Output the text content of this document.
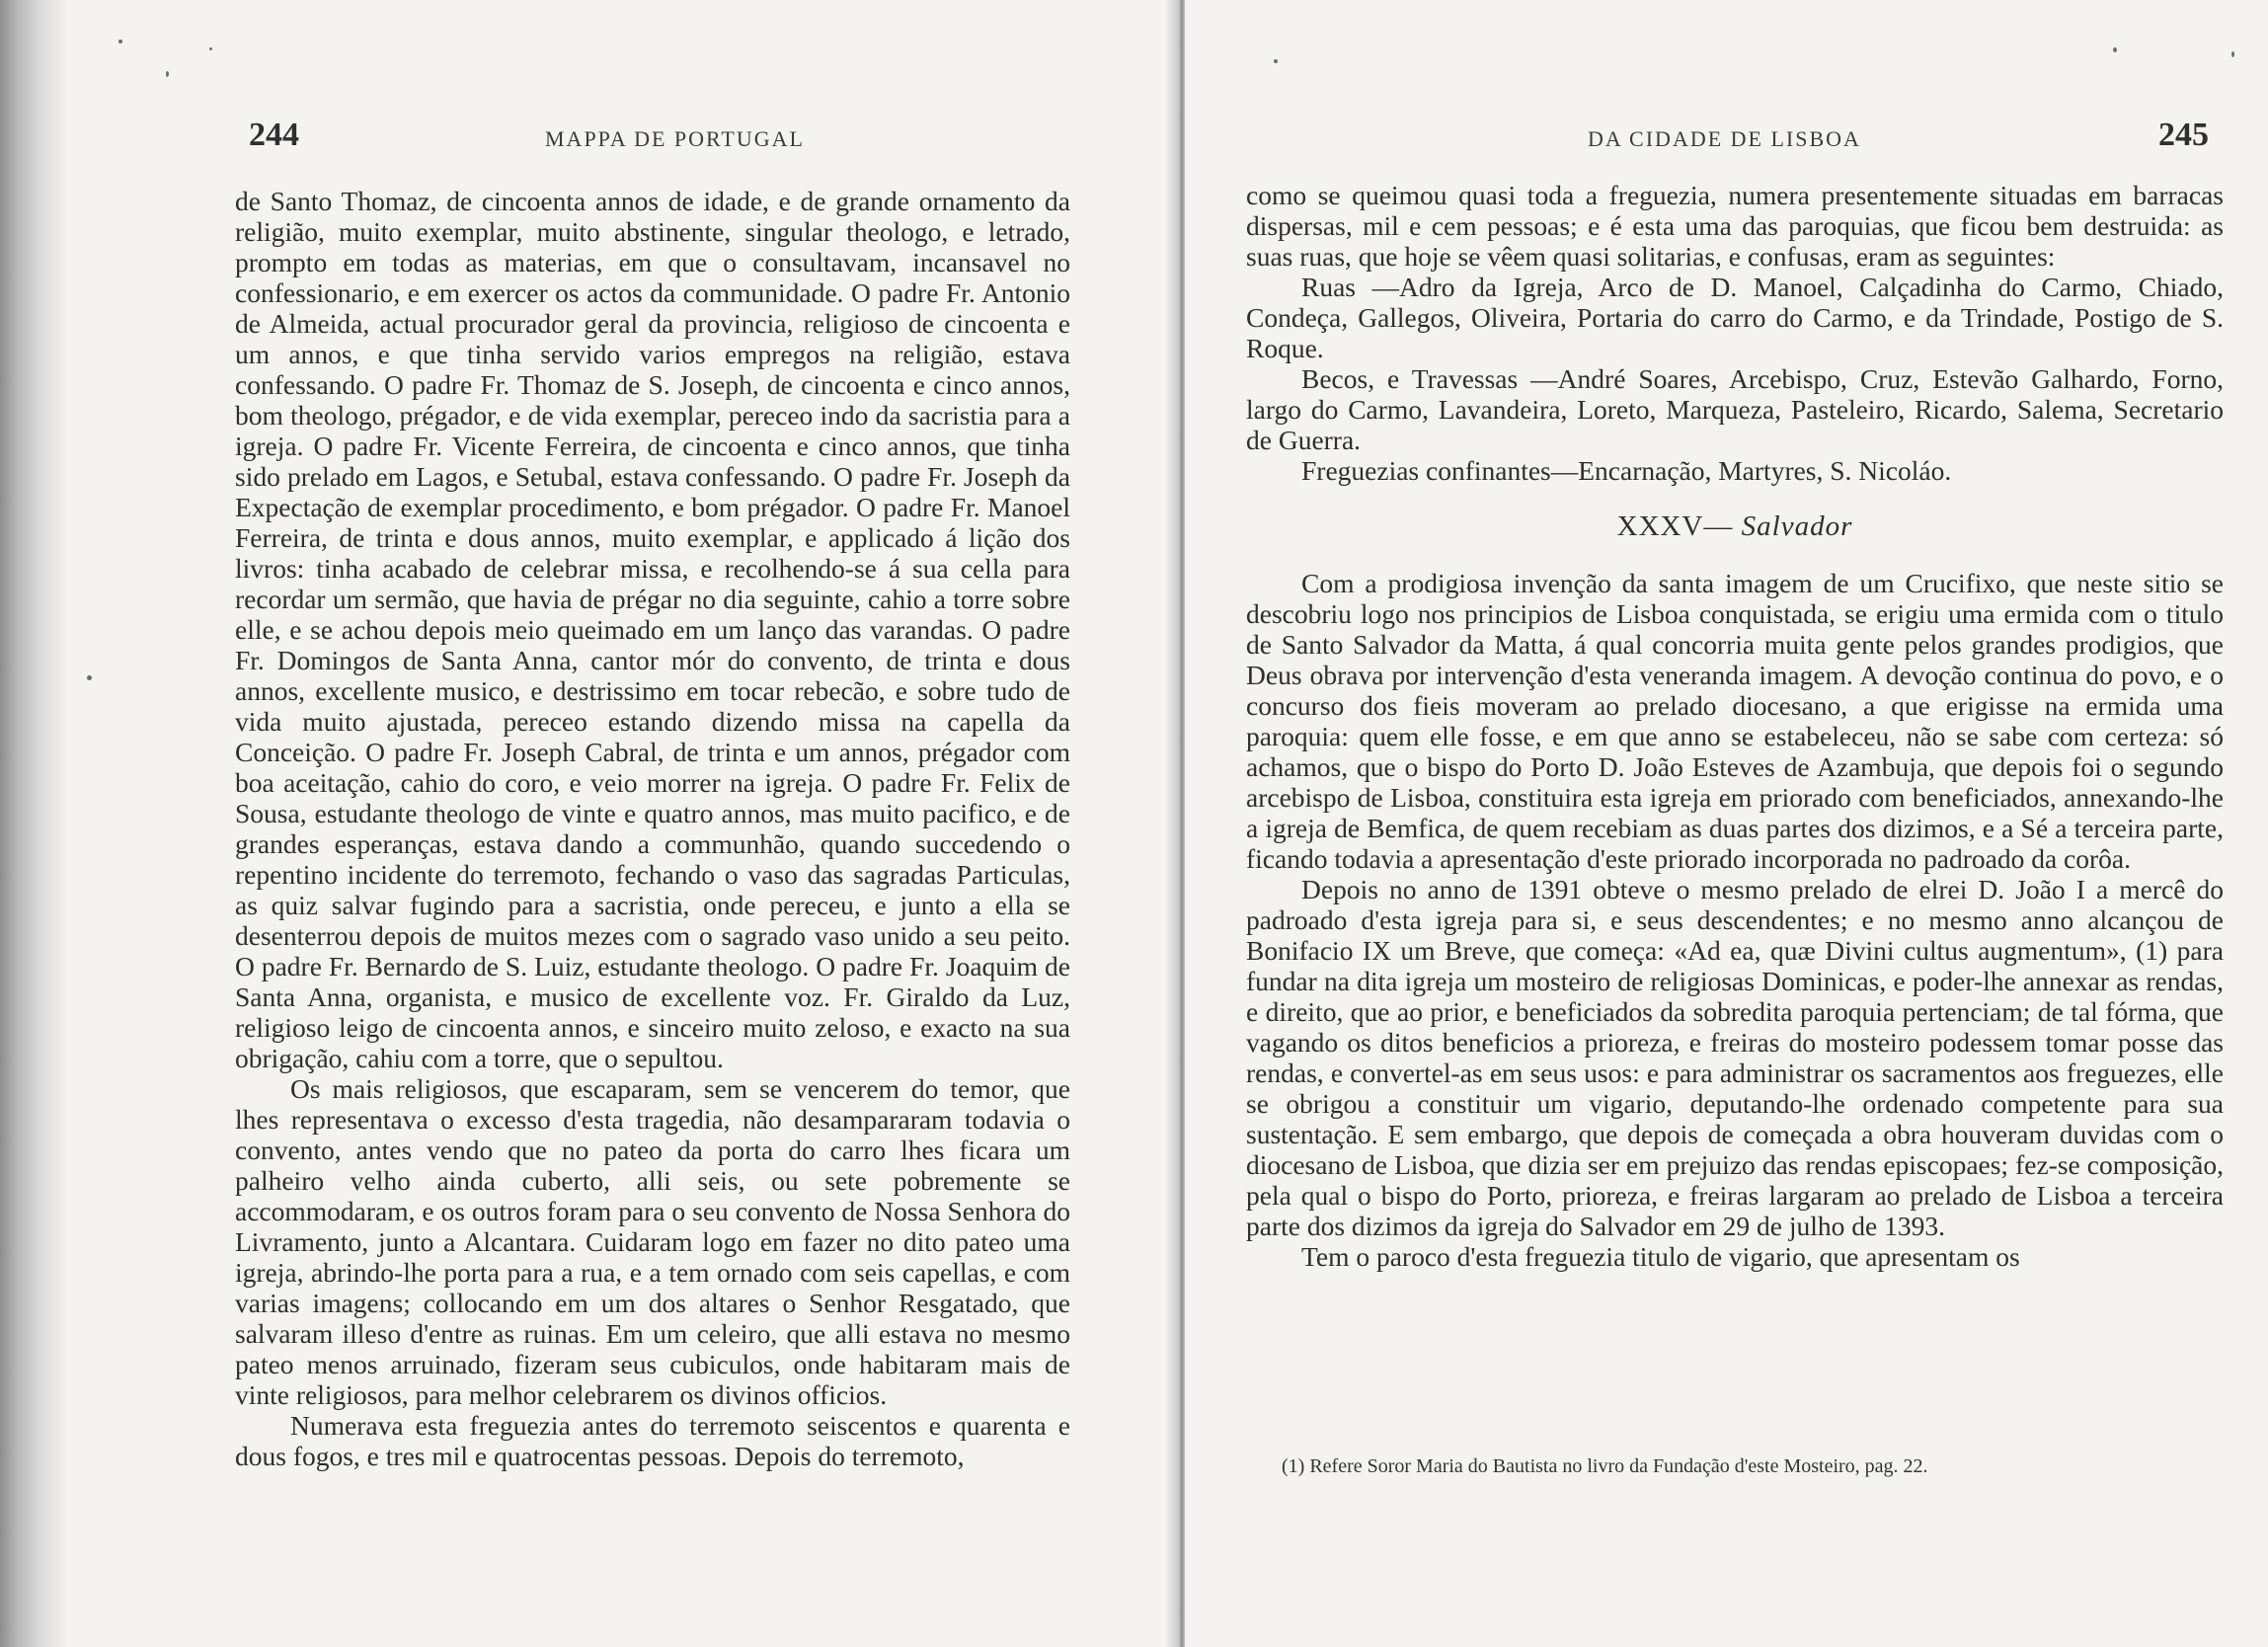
244	MAPPA DE PORTUGAL

de Santo Thomaz, de cincoenta annos de idade, e de grande ornamento da religião, muito exemplar, muito abstinente, singular theologo, e letrado, prompto em todas as materias, em que o consultavam, incansavel no confessionario, e em exercer os actos da communidade. O padre Fr. Antonio de Almeida, actual procurador geral da provincia, religioso de cincoenta e um annos, e que tinha servido varios empregos na religião, estava confessando. O padre Fr. Thomaz de S. Joseph, de cincoenta e cinco annos, bom theologo, prégador, e de vida exemplar, pereceo indo da sacristia para a igreja. O padre Fr. Vicente Ferreira, de cincoenta e cinco annos, que tinha sido prelado em Lagos, e Setubal, estava confessando. O padre Fr. Joseph da Expectação de exemplar procedimento, e bom prégador. O padre Fr. Manoel Ferreira, de trinta e dous annos, muito exemplar, e applicado á lição dos livros: tinha acabado de celebrar missa, e recolhendo-se á sua cella para recordar um sermão, que havia de prégar no dia seguinte, cahio a torre sobre elle, e se achou depois meio queimado em um lanço das varandas. O padre Fr. Domingos de Santa Anna, cantor mór do convento, de trinta e dous annos, excellente musico, e destrissimo em tocar rebecão, e sobre tudo de vida muito ajustada, pereceo estando dizendo missa na capella da Conceição. O padre Fr. Joseph Cabral, de trinta e um annos, prégador com boa aceitação, cahio do coro, e veio morrer na igreja. O padre Fr. Felix de Sousa, estudante theologo de vinte e quatro annos, mas muito pacifico, e de grandes esperanças, estava dando a communhão, quando succedendo o repentino incidente do terremoto, fechando o vaso das sagradas Particulas, as quiz salvar fugindo para a sacristia, onde pereceu, e junto a ella se desenterrou depois de muitos mezes com o sagrado vaso unido a seu peito. O padre Fr. Bernardo de S. Luiz, estudante theologo. O padre Fr. Joaquim de Santa Anna, organista, e musico de excellente voz. Fr. Giraldo da Luz, religioso leigo de cincoenta annos, e sinceiro muito zeloso, e exacto na sua obrigação, cahiu com a torre, que o sepultou.

Os mais religiosos, que escaparam, sem se vencerem do temor, que lhes representava o excesso d'esta tragedia, não desampararam todavia o convento, antes vendo que no pateo da porta do carro lhes ficara um palheiro velho ainda cuberto, alli seis, ou sete pobremente se accommodaram, e os outros foram para o seu convento de Nossa Senhora do Livramento, junto a Alcantara. Cuidaram logo em fazer no dito pateo uma igreja, abrindo-lhe porta para a rua, e a tem ornado com seis capellas, e com varias imagens; collocando em um dos altares o Senhor Resgatado, que salvaram illeso d'entre as ruinas. Em um celeiro, que alli estava no mesmo pateo menos arruinado, fizeram seus cubiculos, onde habitaram mais de vinte religiosos, para melhor celebrarem os divinos officios.

Numerava esta freguezia antes do terremoto seiscentos e quarenta e dous fogos, e tres mil e quatrocentas pessoas. Depois do terremoto,

DA CIDADE DE LISBOA	245

como se queimou quasi toda a freguezia, numera presentemente situadas em barracas dispersas, mil e cem pessoas; e é esta uma das paroquias, que ficou bem destruida: as suas ruas, que hoje se vêem quasi solitarias, e confusas, eram as seguintes:

Ruas —Adro da Igreja, Arco de D. Manoel, Calçadinha do Carmo, Chiado, Condeça, Gallegos, Oliveira, Portaria do carro do Carmo, e da Trindade, Postigo de S. Roque.

Becos, e Travessas —André Soares, Arcebispo, Cruz, Estevão Galhardo, Forno, largo do Carmo, Lavandeira, Loreto, Marqueza, Pasteleiro, Ricardo, Salema, Secretario de Guerra.

Freguezias confinantes—Encarnação, Martyres, S. Nicoláo.

XXXV— Salvador

Com a prodigiosa invenção da santa imagem de um Crucifixo, que neste sitio se descobriu logo nos principios de Lisboa conquistada, se erigiu uma ermida com o titulo de Santo Salvador da Matta, á qual concorria muita gente pelos grandes prodigios, que Deus obrava por intervenção d'esta veneranda imagem. A devoção continua do povo, e o concurso dos fieis moveram ao prelado diocesano, a que erigisse na ermida uma paroquia: quem elle fosse, e em que anno se estabeleceu, não se sabe com certeza: só achamos, que o bispo do Porto D. João Esteves de Azambuja, que depois foi o segundo arcebispo de Lisboa, constituira esta igreja em priorado com beneficiados, annexando-lhe a igreja de Bemfica, de quem recebiam as duas partes dos dizimos, e a Sé a terceira parte, ficando todavia a apresentação d'este priorado incorporada no padroado da corôa.

Depois no anno de 1391 obteve o mesmo prelado de elrei D. João I a mercê do padroado d'esta igreja para si, e seus descendentes; e no mesmo anno alcançou de Bonifacio IX um Breve, que começa: «Ad ea, quæ Divini cultus augmentum», (1) para fundar na dita igreja um mosteiro de religiosas Dominicas, e poder-lhe annexar as rendas, e direito, que ao prior, e beneficiados da sobredita paroquia pertenciam; de tal fórma, que vagando os ditos beneficios a prioreza, e freiras do mosteiro podessem tomar posse das rendas, e convertel-as em seus usos: e para administrar os sacramentos aos freguezes, elle se obrigou a constituir um vigario, deputando-lhe ordenado competente para sua sustentação. E sem embargo, que depois de começada a obra houveram duvidas com o diocesano de Lisboa, que dizia ser em prejuizo das rendas episcopaes; fez-se composição, pela qual o bispo do Porto, prioreza, e freiras largaram ao prelado de Lisboa a terceira parte dos dizimos da igreja do Salvador em 29 de julho de 1393.

Tem o paroco d'esta freguezia titulo de vigario, que apresentam os

(1) Refere Soror Maria do Bautista no livro da Fundação d'este Mosteiro, pag. 22.
